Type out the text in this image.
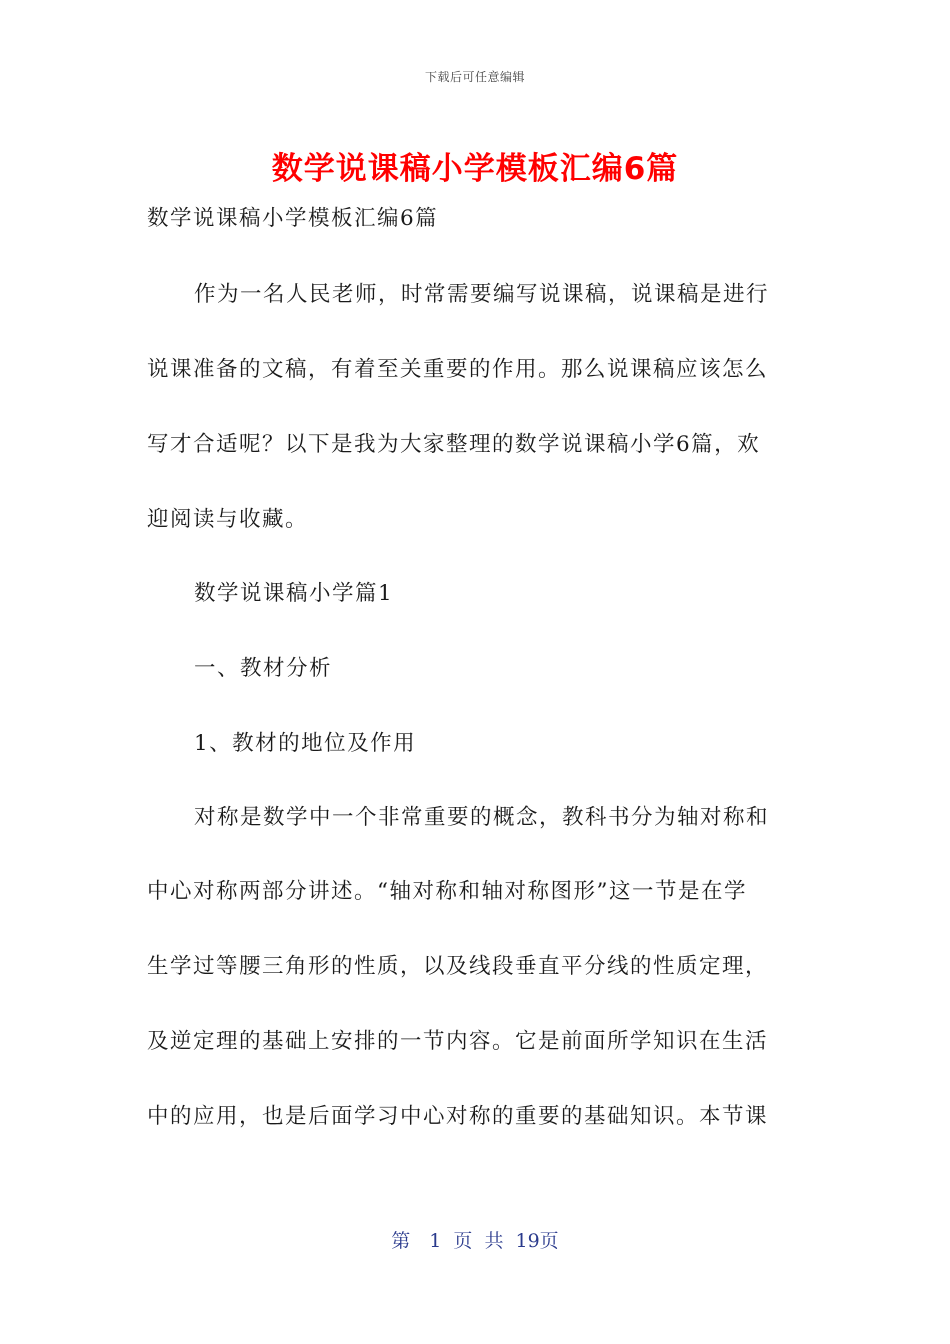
下载后可任意编辑
数学说课稿小学模板汇编6篇
数学说课稿小学模板汇编6篇
作为一名人民老师，时常需要编写说课稿，说课稿是进行
说课准备的文稿，有着至关重要的作用。那么说课稿应该怎么
写才合适呢？以下是我为大家整理的数学说课稿小学6篇，欢
迎阅读与收藏。
数学说课稿小学篇1
一、教材分析
1、教材的地位及作用
对称是数学中一个非常重要的概念，教科书分为轴对称和
中心对称两部分讲述。“轴对称和轴对称图形”这一节是在学
生学过等腰三角形的性质，以及线段垂直平分线的性质定理，
及逆定理的基础上安排的一节内容。它是前面所学知识在生活
中的应用，也是后面学习中心对称的重要的基础知识。本节课
第　1 页 共 19页
